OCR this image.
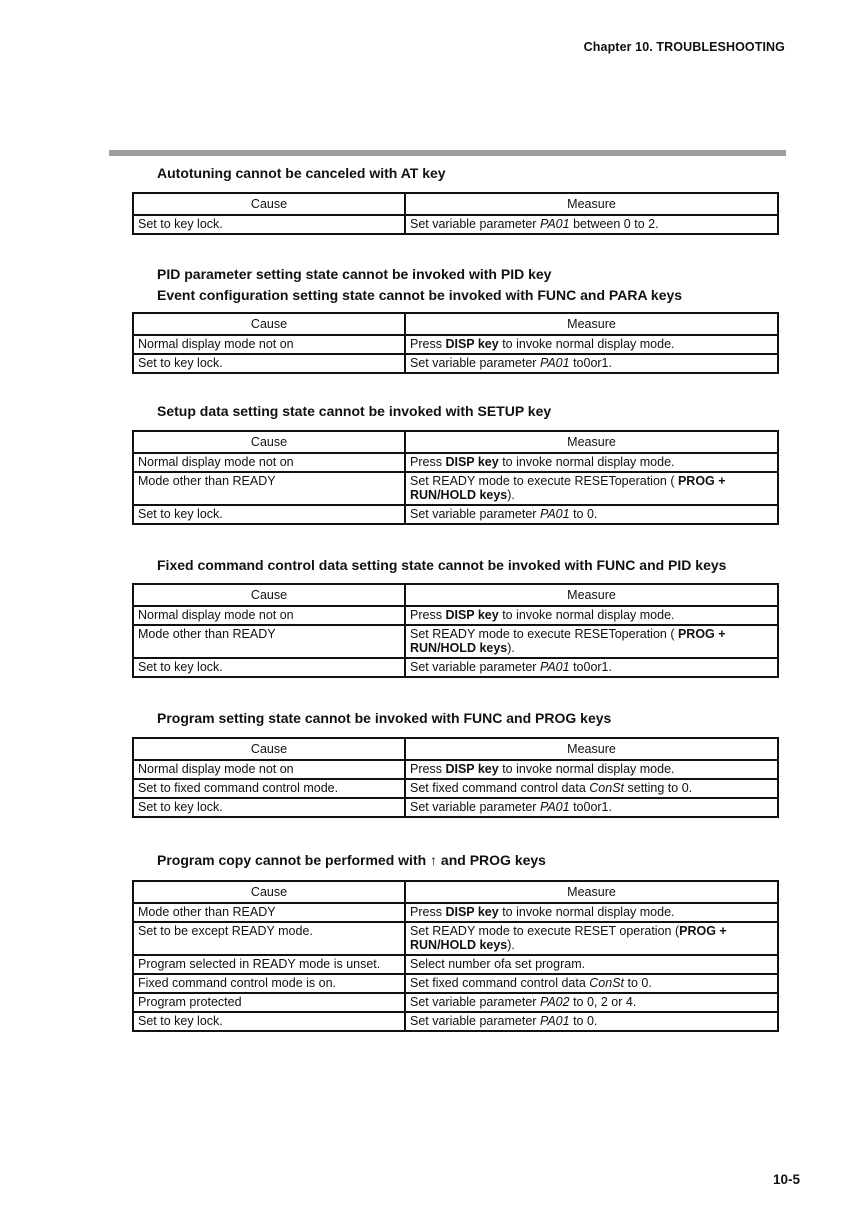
Chapter 10. TROUBLESHOOTING
Autotuning cannot be canceled with AT key
Cause	Measure
Set to key lock.	Set variable parameter PA01 between 0 to 2.
PID parameter setting state cannot be invoked with PID key
Event configuration setting state cannot be invoked with FUNC and PARA keys
Cause	Measure
Normal display mode not on	Press DISP key to invoke normal display mode.
Set to key lock.	Set variable parameter PA01 to0or1.
Setup data setting state cannot be invoked with SETUP key
Cause	Measure
Normal display mode not on	Press DISP key to invoke normal display mode.
Mode other than READY	Set READY mode to execute RESEToperation ( PROG + RUN/HOLD keys).
Set to key lock.	Set variable parameter PA01 to 0.
Fixed command control data setting state cannot be invoked with FUNC and PID keys
Cause	Measure
Normal display mode not on	Press DISP key to invoke normal display mode.
Mode other than READY	Set READY mode to execute RESEToperation ( PROG + RUN/HOLD keys).
Set to key lock.	Set variable parameter PA01 to0or1.
Program setting state cannot be invoked with FUNC and PROG keys
Cause	Measure
Normal display mode not on	Press DISP key to invoke normal display mode.
Set to fixed command control mode.	Set fixed command control data ConSt setting to 0.
Set to key lock.	Set variable parameter PA01 to0or1.
Program copy cannot be performed with ↑ and PROG keys
Cause	Measure
Mode other than READY	Press DISP key to invoke normal display mode.
Set to be except READY mode.	Set READY mode to execute RESET operation (PROG + RUN/HOLD keys).
Program selected in READY mode is unset.	Select number ofa set program.
Fixed command control mode is on.	Set fixed command control data ConSt to 0.
Program protected	Set variable parameter PA02 to 0, 2 or 4.
Set to key lock.	Set variable parameter PA01 to 0.
10-5
